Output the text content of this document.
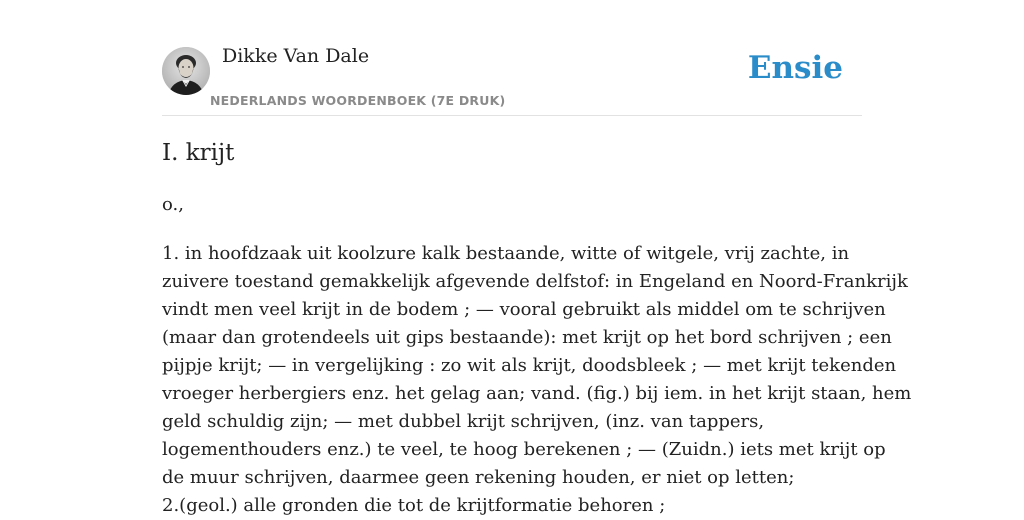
Dikke Van Dale
NEDERLANDS WOORDENBOEK (7E DRUK)
Ensie
I. krijt
o.,

1. in hoofdzaak uit koolzure kalk bestaande, witte of witgele, vrij zachte, in
zuivere toestand gemakkelijk afgevende delfstof: in Engeland en Noord-Frankrijk
vindt men veel krijt in de bodem ; — vooral gebruikt als middel om te schrijven
(maar dan grotendeels uit gips bestaande): met krijt op het bord schrijven ; een
pijpje krijt; — in vergelijking : zo wit als krijt, doodsbleek ; — met krijt tekenden
vroeger herbergiers enz. het gelag aan; vand. (fig.) bij iem. in het krijt staan, hem
geld schuldig zijn; — met dubbel krijt schrijven, (inz. van tappers,
logementhouders enz.) te veel, te hoog berekenen ; — (Zuidn.) iets met krijt op
de muur schrijven, daarmee geen rekening houden, er niet op letten;
2.(geol.) alle gronden die tot de krijtformatie behoren ;
